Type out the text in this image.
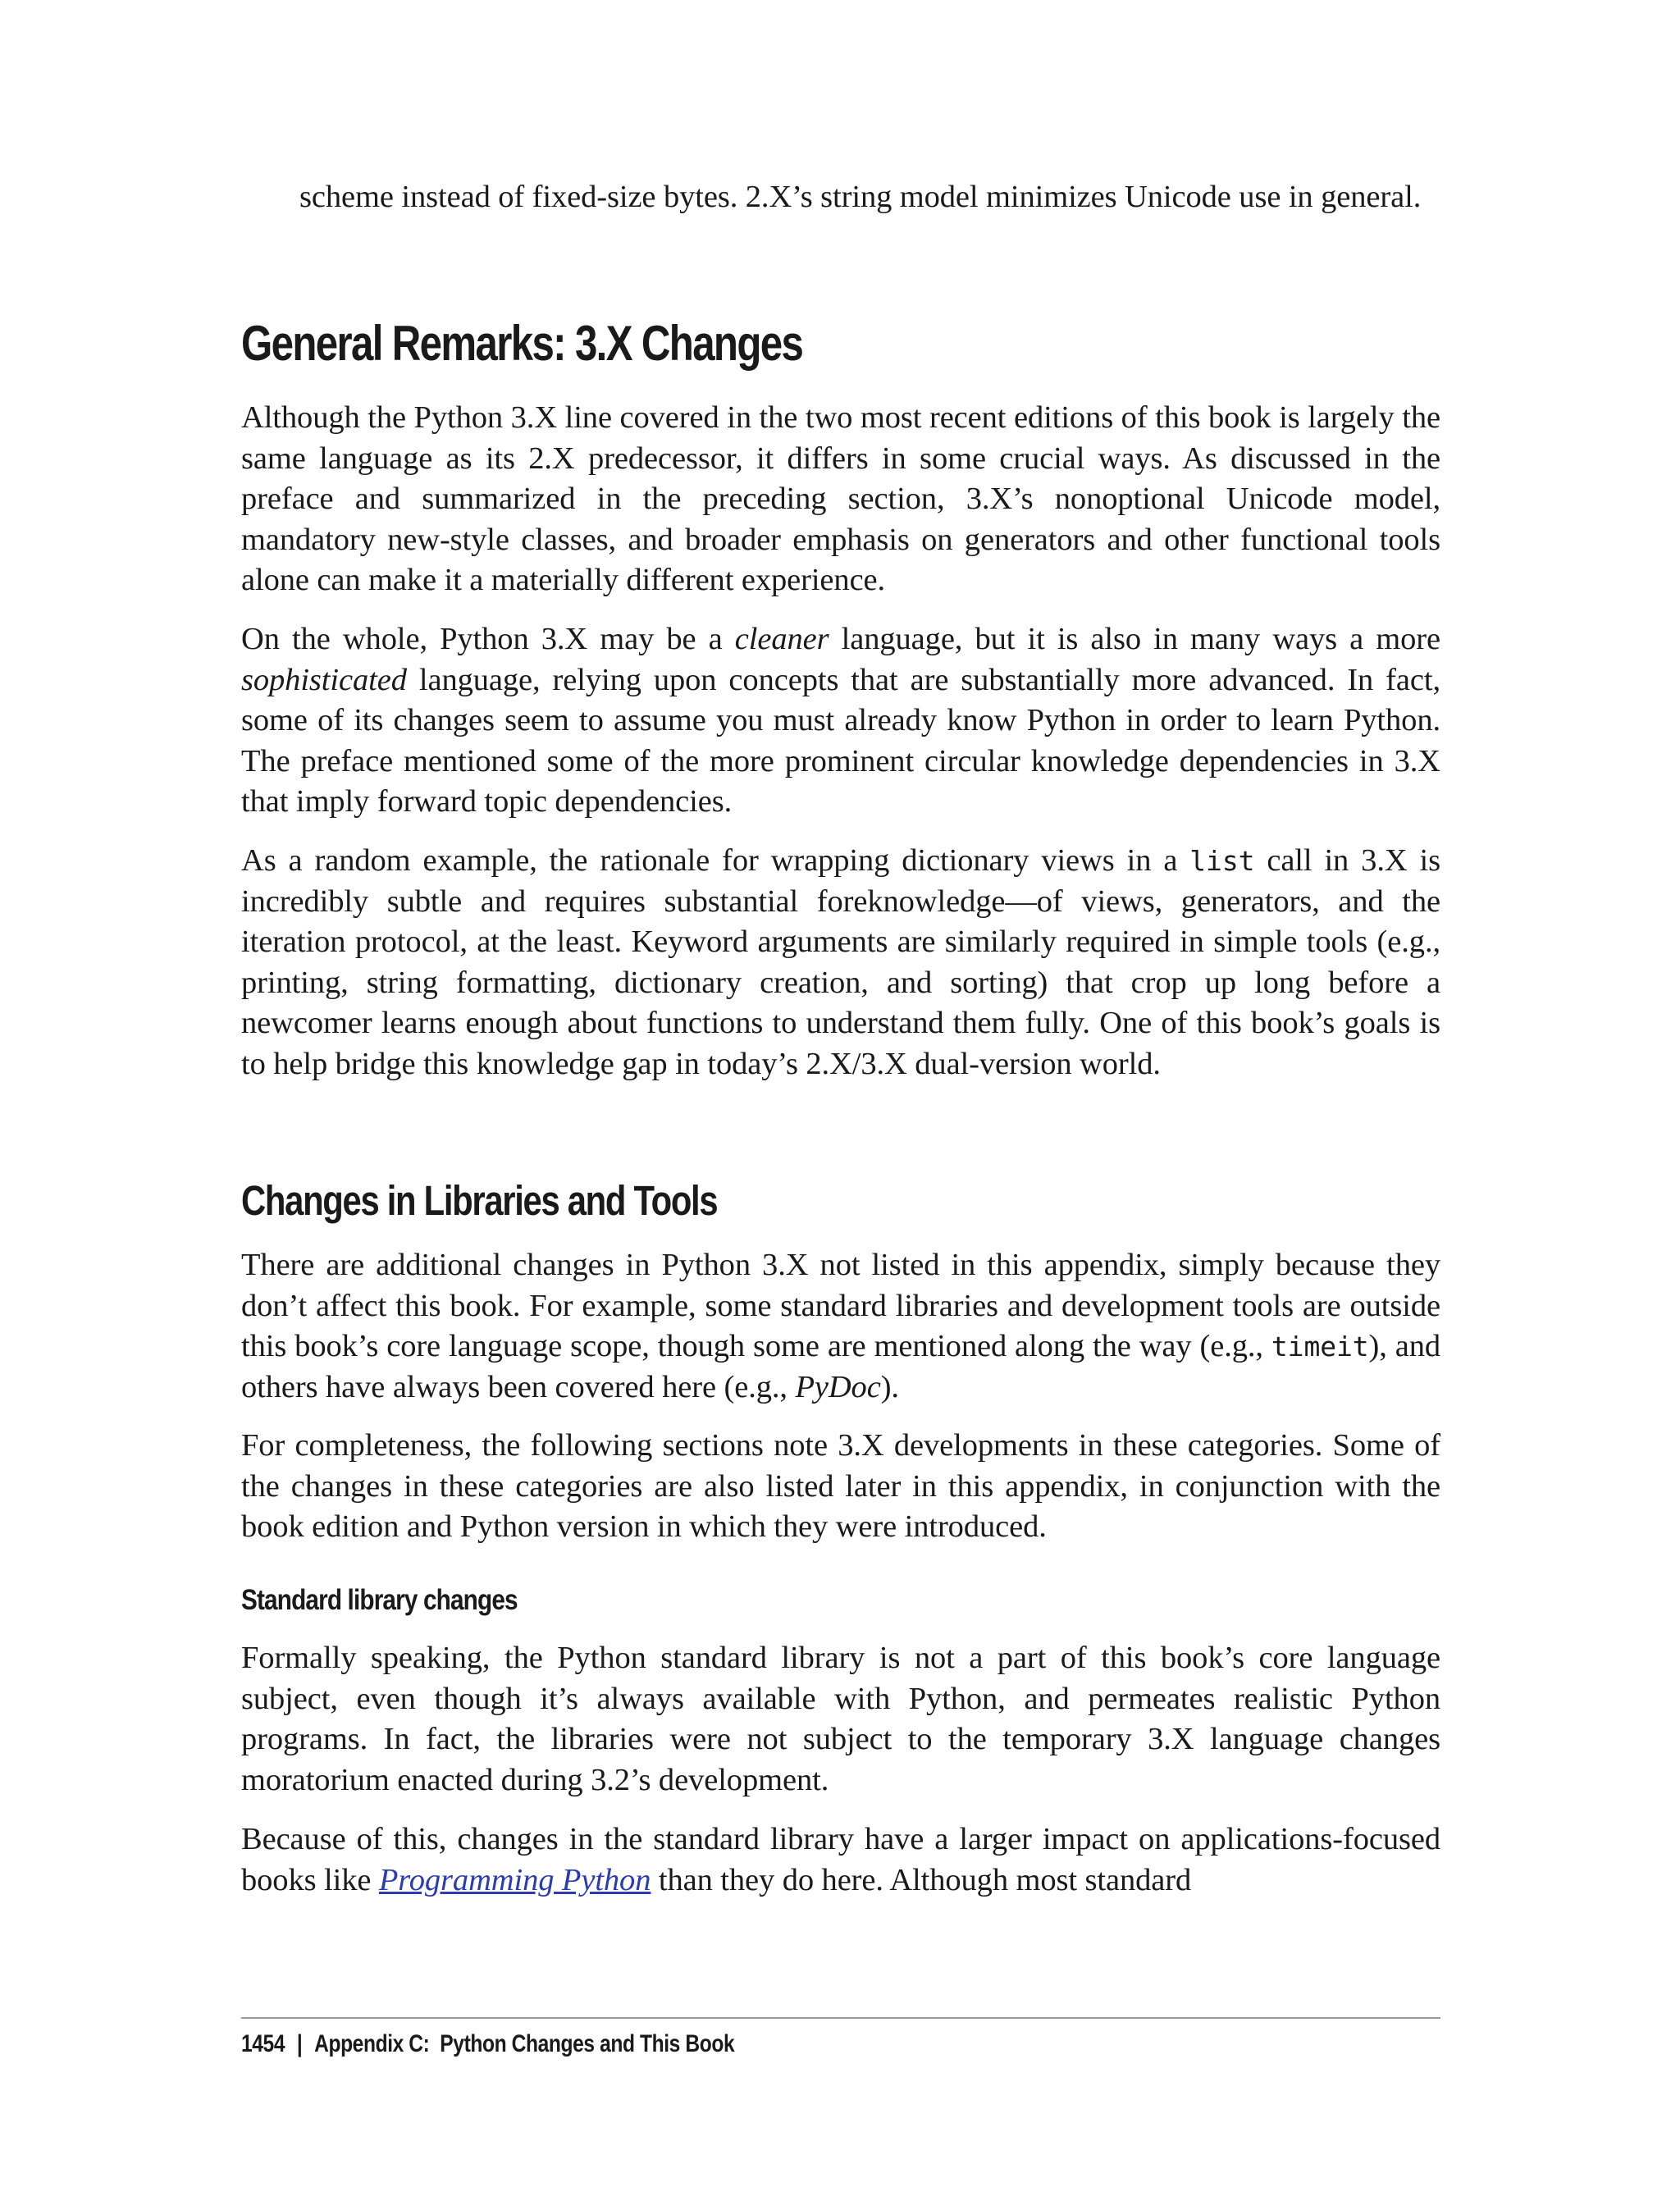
scheme instead of fixed-size bytes. 2.X’s string model minimizes Unicode use in general.

General Remarks: 3.X Changes

Although the Python 3.X line covered in the two most recent editions of this book is largely the same language as its 2.X predecessor, it differs in some crucial ways. As discussed in the preface and summarized in the preceding section, 3.X’s nonoptional Unicode model, mandatory new-style classes, and broader emphasis on generators and other functional tools alone can make it a materially different experience.

On the whole, Python 3.X may be a cleaner language, but it is also in many ways a more sophisticated language, relying upon concepts that are substantially more advanced. In fact, some of its changes seem to assume you must already know Python in order to learn Python. The preface mentioned some of the more prominent circular knowledge dependencies in 3.X that imply forward topic dependencies.

As a random example, the rationale for wrapping dictionary views in a list call in 3.X is incredibly subtle and requires substantial foreknowledge—of views, generators, and the iteration protocol, at the least. Keyword arguments are similarly required in simple tools (e.g., printing, string formatting, dictionary creation, and sorting) that crop up long before a newcomer learns enough about functions to understand them fully. One of this book’s goals is to help bridge this knowledge gap in today’s 2.X/3.X dual-version world.

Changes in Libraries and Tools

There are additional changes in Python 3.X not listed in this appendix, simply because they don’t affect this book. For example, some standard libraries and development tools are outside this book’s core language scope, though some are mentioned along the way (e.g., timeit), and others have always been covered here (e.g., PyDoc).

For completeness, the following sections note 3.X developments in these categories. Some of the changes in these categories are also listed later in this appendix, in conjunction with the book edition and Python version in which they were introduced.

Standard library changes

Formally speaking, the Python standard library is not a part of this book’s core language subject, even though it’s always available with Python, and permeates realistic Python programs. In fact, the libraries were not subject to the temporary 3.X language changes moratorium enacted during 3.2’s development.

Because of this, changes in the standard library have a larger impact on applications-focused books like Programming Python than they do here. Although most standard

1454 | Appendix C:  Python Changes and This Book
